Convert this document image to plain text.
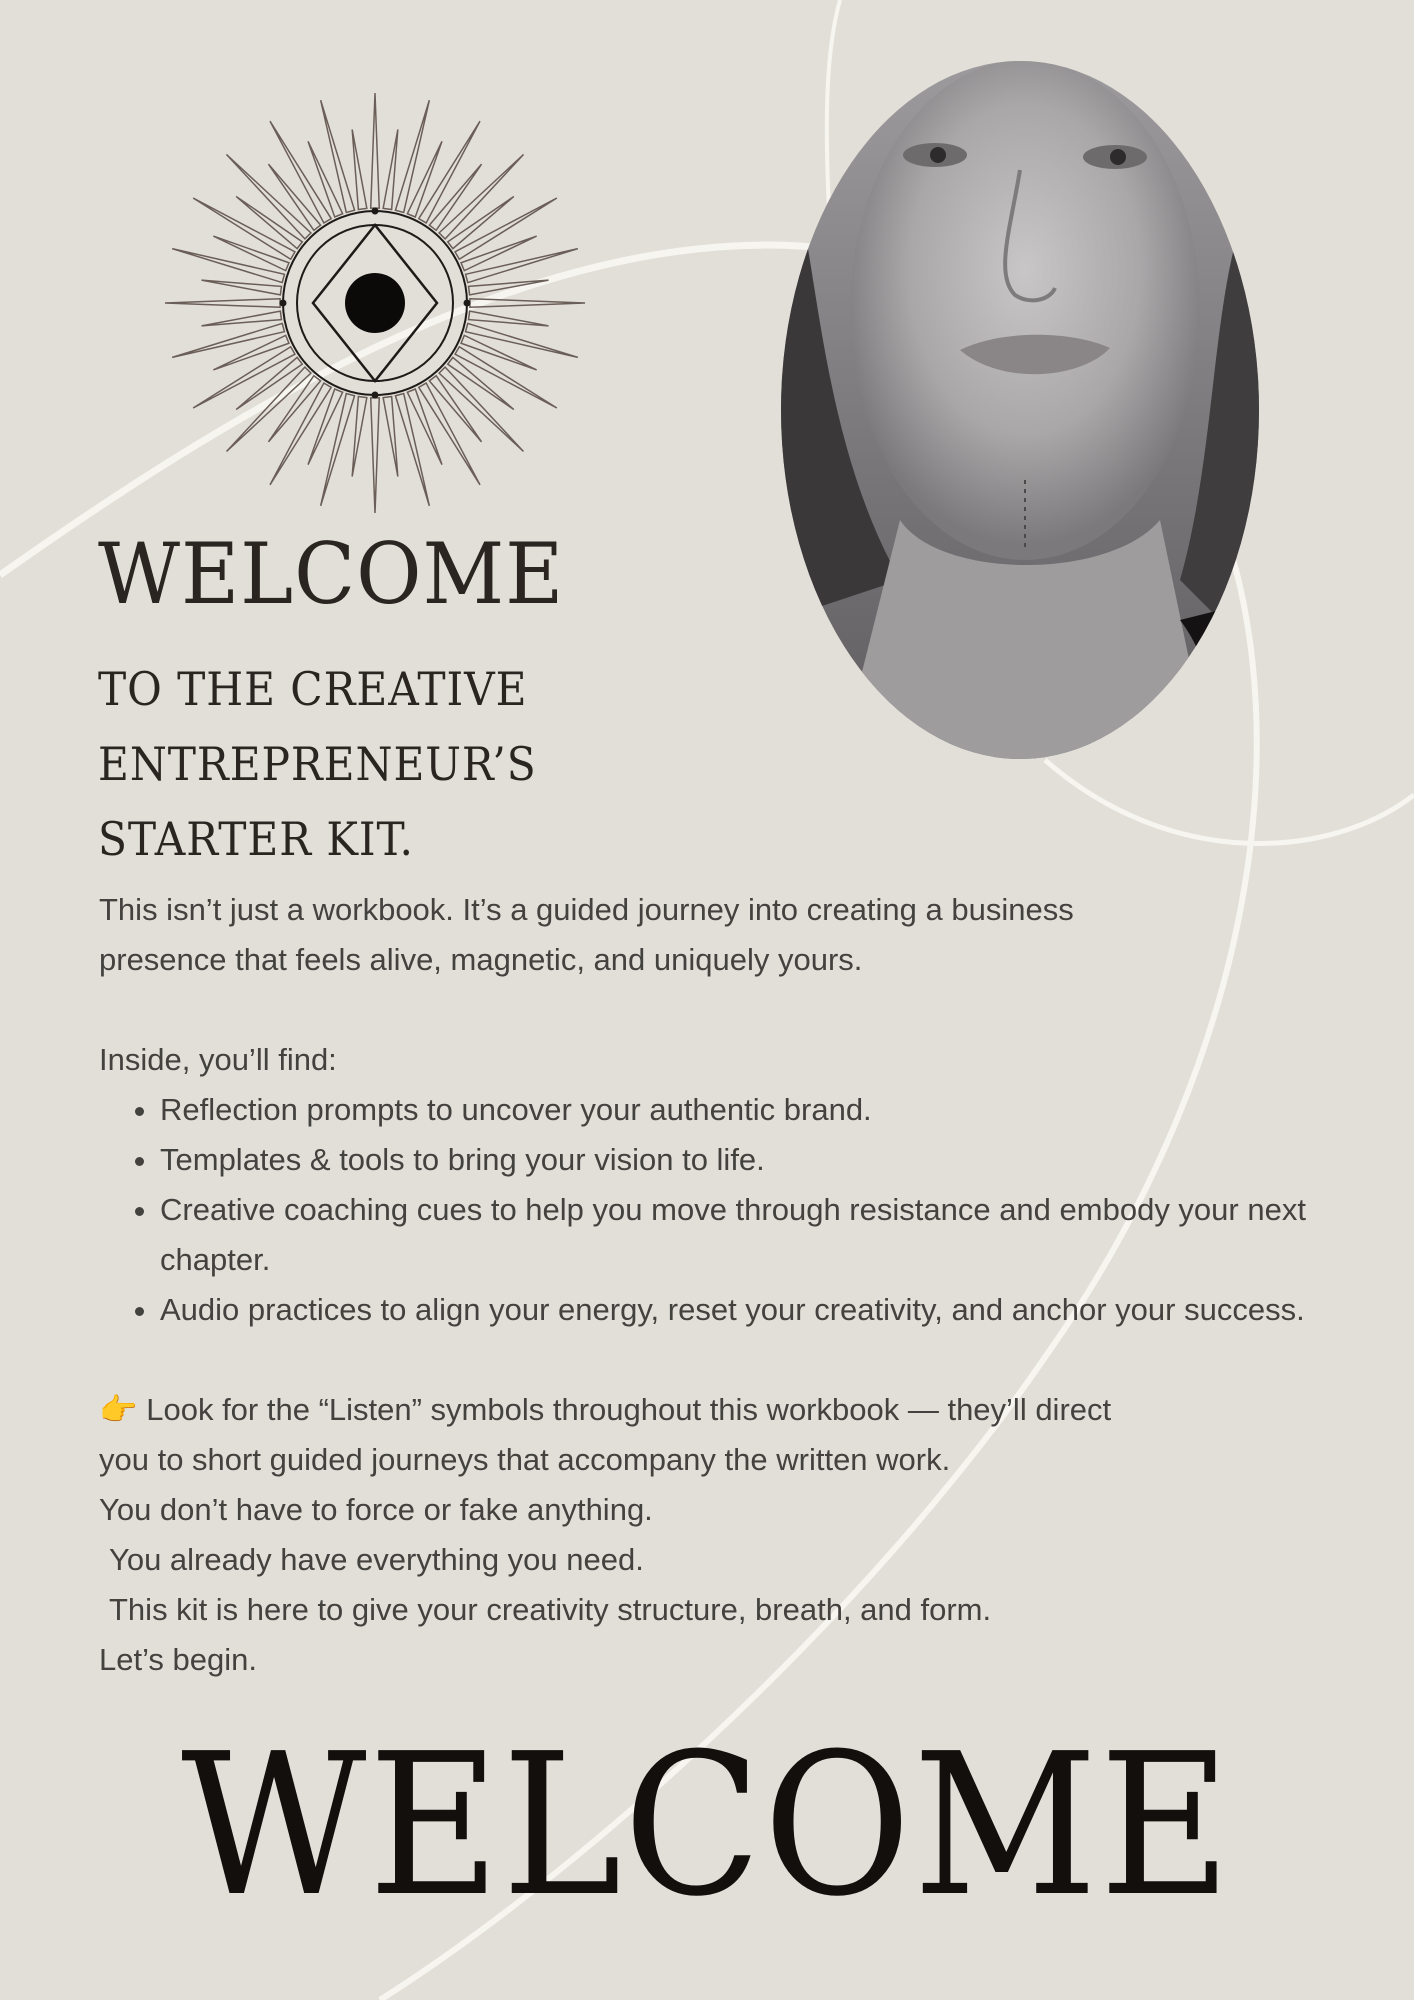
WELCOME
TO THE CREATIVE
ENTREPRENEUR’S
STARTER KIT.

This isn’t just a workbook. It’s a guided journey into creating a business
presence that feels alive, magnetic, and uniquely yours.

Inside, you’ll find:

• Reflection prompts to uncover your authentic brand.
• Templates & tools to bring your vision to life.
• Creative coaching cues to help you move through resistance and embody your next chapter.
• Audio practices to align your energy, reset your creativity, and anchor your success.

👉 Look for the “Listen” symbols throughout this workbook — they’ll direct
you to short guided journeys that accompany the written work.

You don’t have to force or fake anything.

You already have everything you need.

This kit is here to give your creativity structure, breath, and form.

Let’s begin.

WELCOME
